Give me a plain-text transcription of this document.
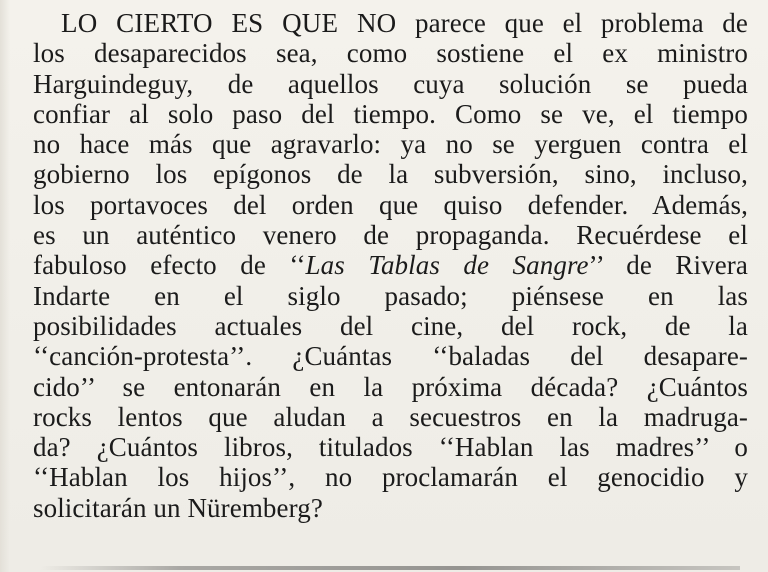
LO CIERTO ES QUE NO parece que el problema de
los desaparecidos sea, como sostiene el ex ministro
Harguindeguy, de aquellos cuya solución se pueda
confiar al solo paso del tiempo. Como se ve, el tiempo
no hace más que agravarlo: ya no se yerguen contra el
gobierno los epígonos de la subversión, sino, incluso,
los portavoces del orden que quiso defender. Además,
es un auténtico venero de propaganda. Recuérdese el
fabuloso efecto de ‘‘Las Tablas de Sangre’’ de Rivera
Indarte en el siglo pasado; piénsese en las
posibilidades actuales del cine, del rock, de la
‘‘canción-protesta’’. ¿Cuántas ‘‘baladas del desapare-
cido’’ se entonarán en la próxima década? ¿Cuántos
rocks lentos que aludan a secuestros en la madruga-
da? ¿Cuántos libros, titulados ‘‘Hablan las madres’’ o
‘‘Hablan los hijos’’, no proclamarán el genocidio y
solicitarán un Nüremberg?
